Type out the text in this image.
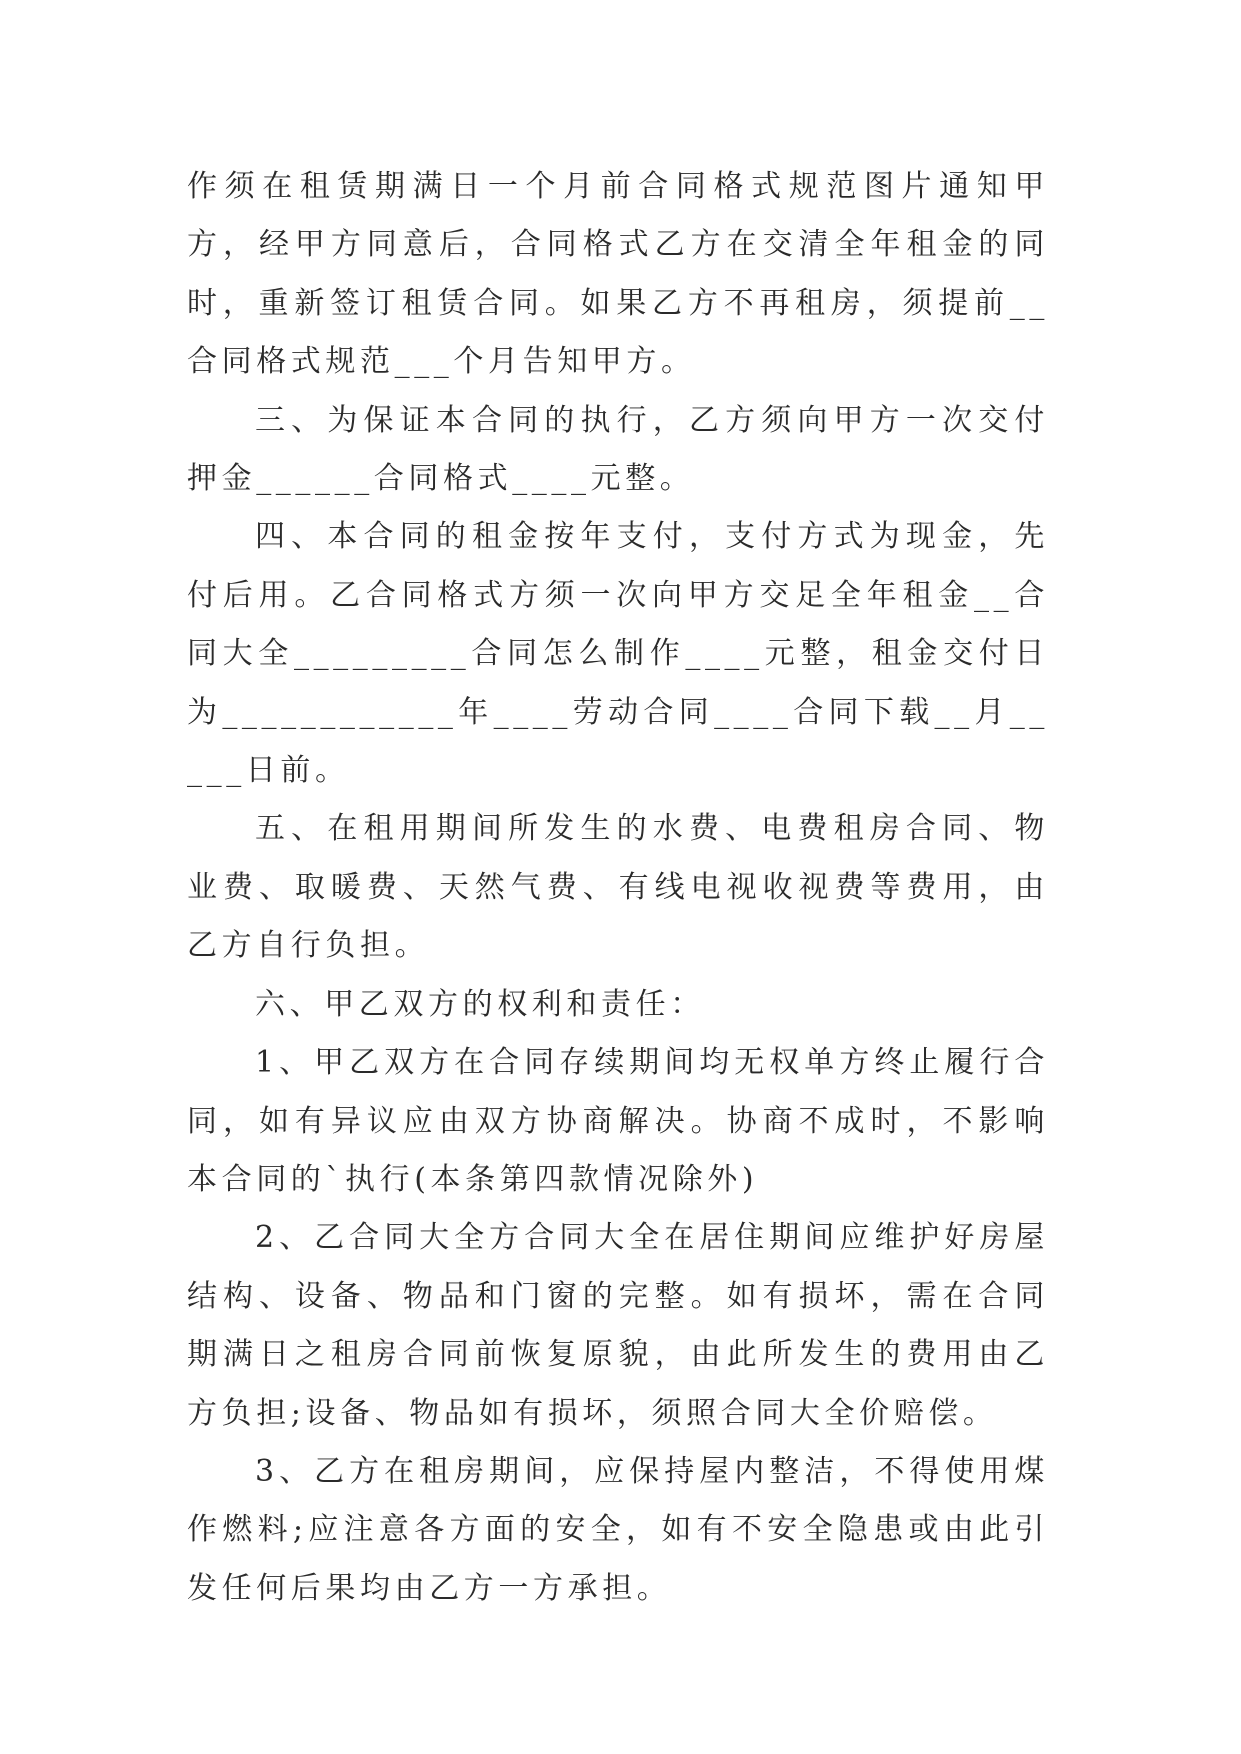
作须在租赁期满日一个月前合同格式规范图片通知甲方，经甲方同意后，合同格式乙方在交清全年租金的同时，重新签订租赁合同。如果乙方不再租房，须提前__合同格式规范___个月告知甲方。

三、为保证本合同的执行，乙方须向甲方一次交付押金______合同格式____元整。

四、本合同的租金按年支付，支付方式为现金，先付后用。乙合同格式方须一次向甲方交足全年租金__合同大全_________合同怎么制作____元整，租金交付日为____________年____劳动合同____合同下载__月_____日前。

五、在租用期间所发生的水费、电费租房合同、物业费、取暖费、天然气费、有线电视收视费等费用，由乙方自行负担。

六、甲乙双方的权利和责任：

1、甲乙双方在合同存续期间均无权单方终止履行合同，如有异议应由双方协商解决。协商不成时，不影响本合同的`执行(本条第四款情况除外)

2、乙合同大全方合同大全在居住期间应维护好房屋结构、设备、物品和门窗的完整。如有损坏，需在合同期满日之租房合同前恢复原貌，由此所发生的费用由乙方负担;设备、物品如有损坏，须照合同大全价赔偿。

3、乙方在租房期间，应保持屋内整洁，不得使用煤作燃料;应注意各方面的安全，如有不安全隐患或由此引发任何后果均由乙方一方承担。
